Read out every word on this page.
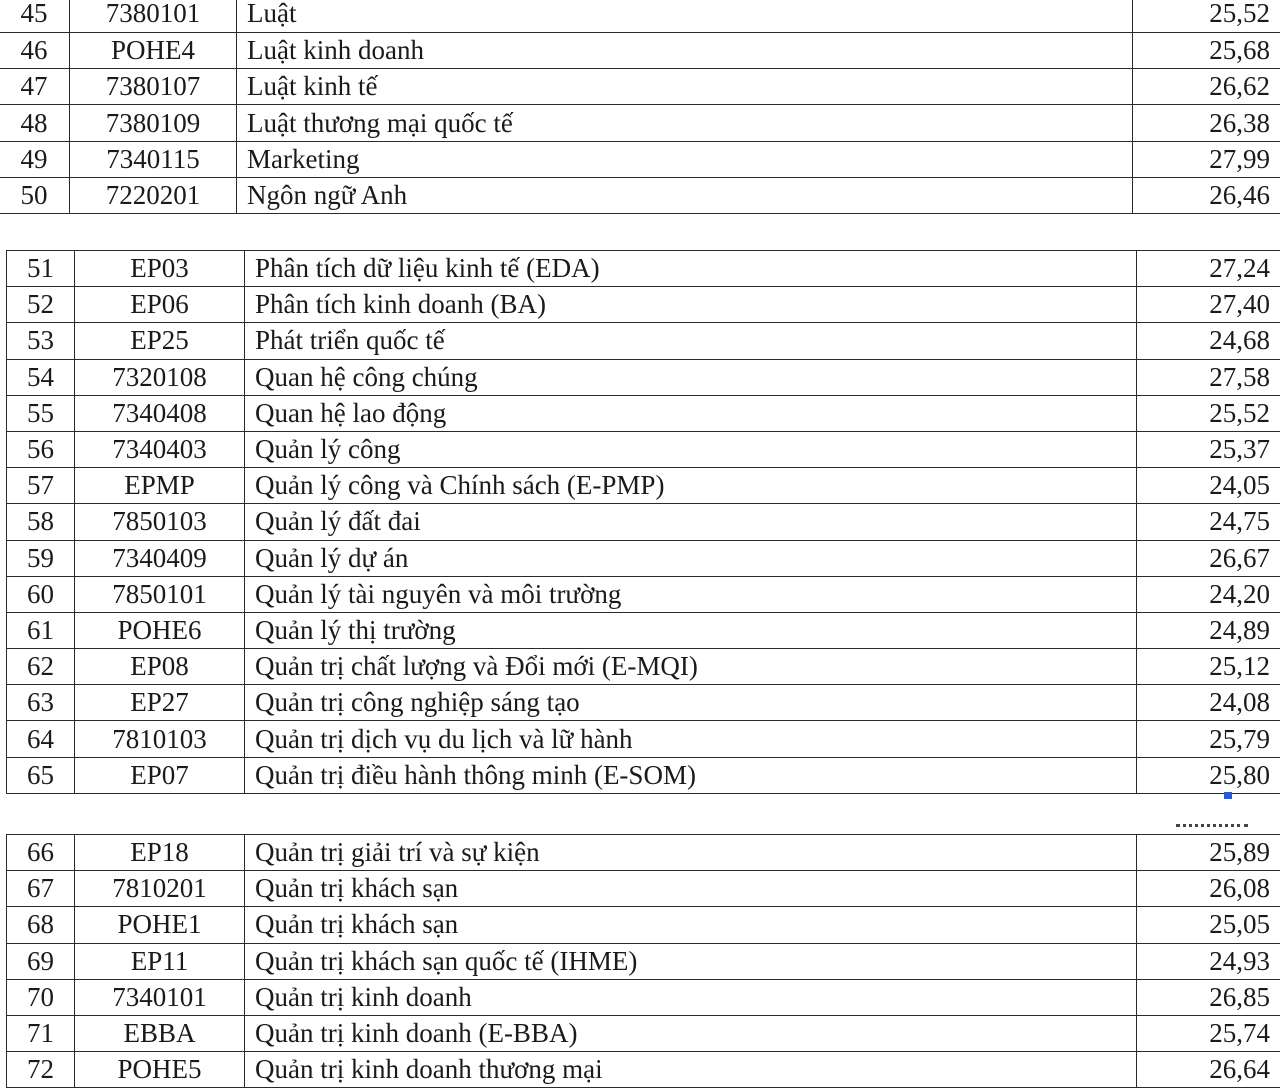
45	7380101	Luật	25,52
46	POHE4	Luật kinh doanh	25,68
47	7380107	Luật kinh tế	26,62
48	7380109	Luật thương mại quốc tế	26,38
49	7340115	Marketing	27,99
50	7220201	Ngôn ngữ Anh	26,46
51	EP03	Phân tích dữ liệu kinh tế (EDA)	27,24
52	EP06	Phân tích kinh doanh (BA)	27,40
53	EP25	Phát triển quốc tế	24,68
54	7320108	Quan hệ công chúng	27,58
55	7340408	Quan hệ lao động	25,52
56	7340403	Quản lý công	25,37
57	EPMP	Quản lý công và Chính sách (E-PMP)	24,05
58	7850103	Quản lý đất đai	24,75
59	7340409	Quản lý dự án	26,67
60	7850101	Quản lý tài nguyên và môi trường	24,20
61	POHE6	Quản lý thị trường	24,89
62	EP08	Quản trị chất lượng và Đổi mới (E-MQI)	25,12
63	EP27	Quản trị công nghiệp sáng tạo	24,08
64	7810103	Quản trị dịch vụ du lịch và lữ hành	25,79
65	EP07	Quản trị điều hành thông minh (E-SOM)	25,80
66	EP18	Quản trị giải trí và sự kiện	25,89
67	7810201	Quản trị khách sạn	26,08
68	POHE1	Quản trị khách sạn	25,05
69	EP11	Quản trị khách sạn quốc tế (IHME)	24,93
70	7340101	Quản trị kinh doanh	26,85
71	EBBA	Quản trị kinh doanh (E-BBA)	25,74
72	POHE5	Quản trị kinh doanh thương mại	26,64
